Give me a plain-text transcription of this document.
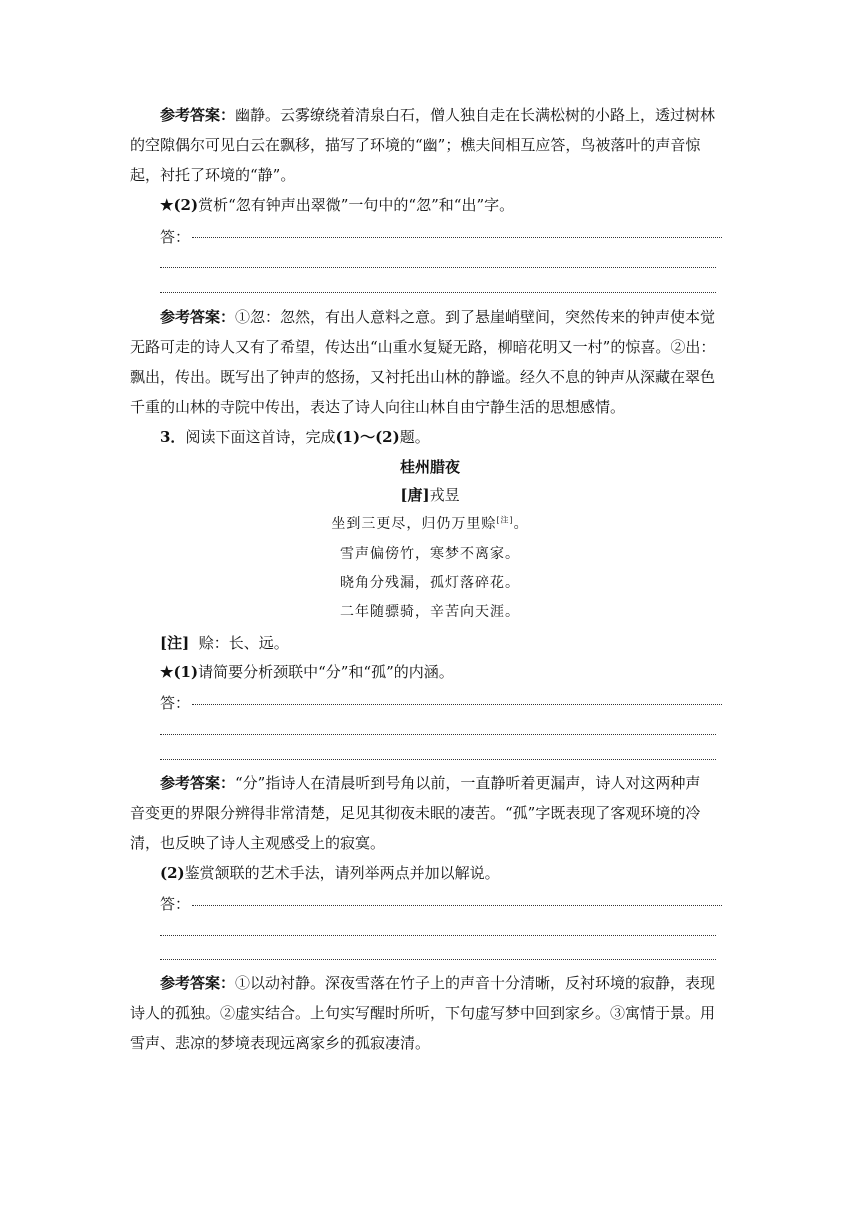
参考答案：幽静。云雾缭绕着清泉白石，僧人独自走在长满松树的小路上，透过树林
的空隙偶尔可见白云在飘移，描写了环境的“幽”；樵夫间相互应答，鸟被落叶的声音惊
起，衬托了环境的“静”。
★(2)赏析“忽有钟声出翠微”一句中的“忽”和“出”字。
答：
参考答案：①忽：忽然，有出人意料之意。到了悬崖峭壁间，突然传来的钟声使本觉
无路可走的诗人又有了希望，传达出“山重水复疑无路，柳暗花明又一村”的惊喜。②出：
飘出，传出。既写出了钟声的悠扬，又衬托出山林的静谧。经久不息的钟声从深藏在翠色
千重的山林的寺院中传出，表达了诗人向往山林自由宁静生活的思想感情。
3．阅读下面这首诗，完成(1)～(2)题。
桂州腊夜
[唐]戎昱
坐到三更尽，归仍万里赊[注]。
雪声偏傍竹，寒梦不离家。
晓角分残漏，孤灯落碎花。
二年随骠骑，辛苦向天涯。
[注] 赊：长、远。
★(1)请简要分析颈联中“分”和“孤”的内涵。
答：
参考答案：“分”指诗人在清晨听到号角以前，一直静听着更漏声，诗人对这两种声
音变更的界限分辨得非常清楚，足见其彻夜未眠的凄苦。“孤”字既表现了客观环境的冷
清，也反映了诗人主观感受上的寂寞。
(2)鉴赏颔联的艺术手法，请列举两点并加以解说。
答：
参考答案：①以动衬静。深夜雪落在竹子上的声音十分清晰，反衬环境的寂静，表现
诗人的孤独。②虚实结合。上句实写醒时所听，下句虚写梦中回到家乡。③寓情于景。用
雪声、悲凉的梦境表现远离家乡的孤寂凄清。
